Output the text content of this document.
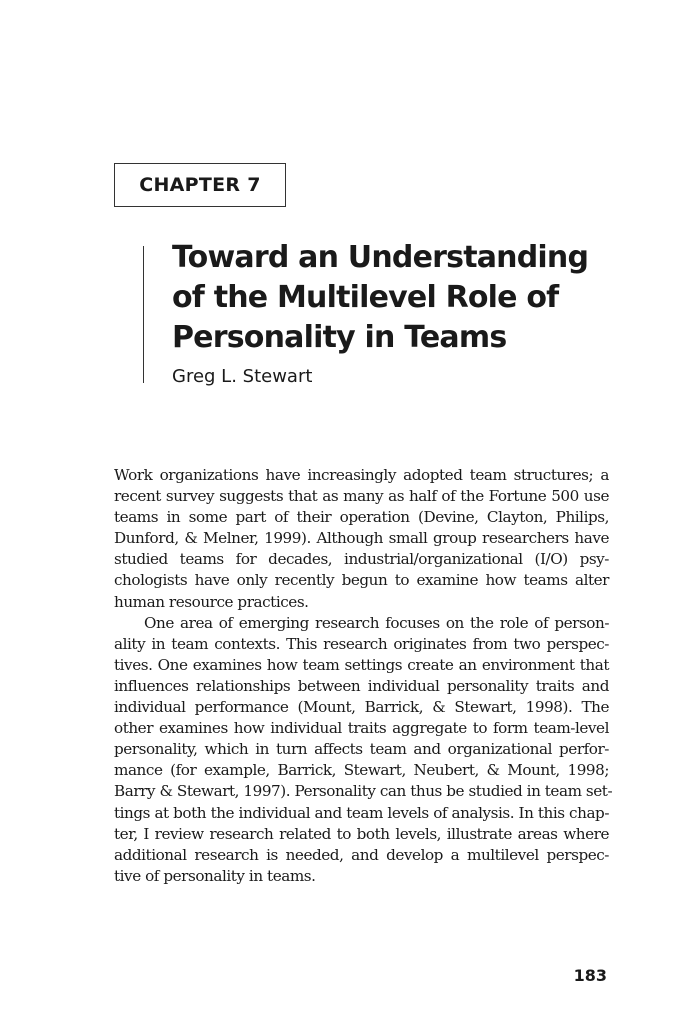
CHAPTER 7
Toward an Understanding
of the Multilevel Role of
Personality in Teams
Greg L. Stewart
Work organizations have increasingly adopted team structures; a
recent survey suggests that as many as half of the Fortune 500 use
teams in some part of their operation (Devine, Clayton, Philips,
Dunford, & Melner, 1999). Although small group researchers have
studied teams for decades, industrial/organizational (I/O) psy-
chologists have only recently begun to examine how teams alter
human resource practices.
One area of emerging research focuses on the role of person-
ality in team contexts. This research originates from two perspec-
tives. One examines how team settings create an environment that
influences relationships between individual personality traits and
individual performance (Mount, Barrick, & Stewart, 1998). The
other examines how individual traits aggregate to form team-level
personality, which in turn affects team and organizational perfor-
mance (for example, Barrick, Stewart, Neubert, & Mount, 1998;
Barry & Stewart, 1997). Personality can thus be studied in team set-
tings at both the individual and team levels of analysis. In this chap-
ter, I review research related to both levels, illustrate areas where
additional research is needed, and develop a multilevel perspec-
tive of personality in teams.
183
